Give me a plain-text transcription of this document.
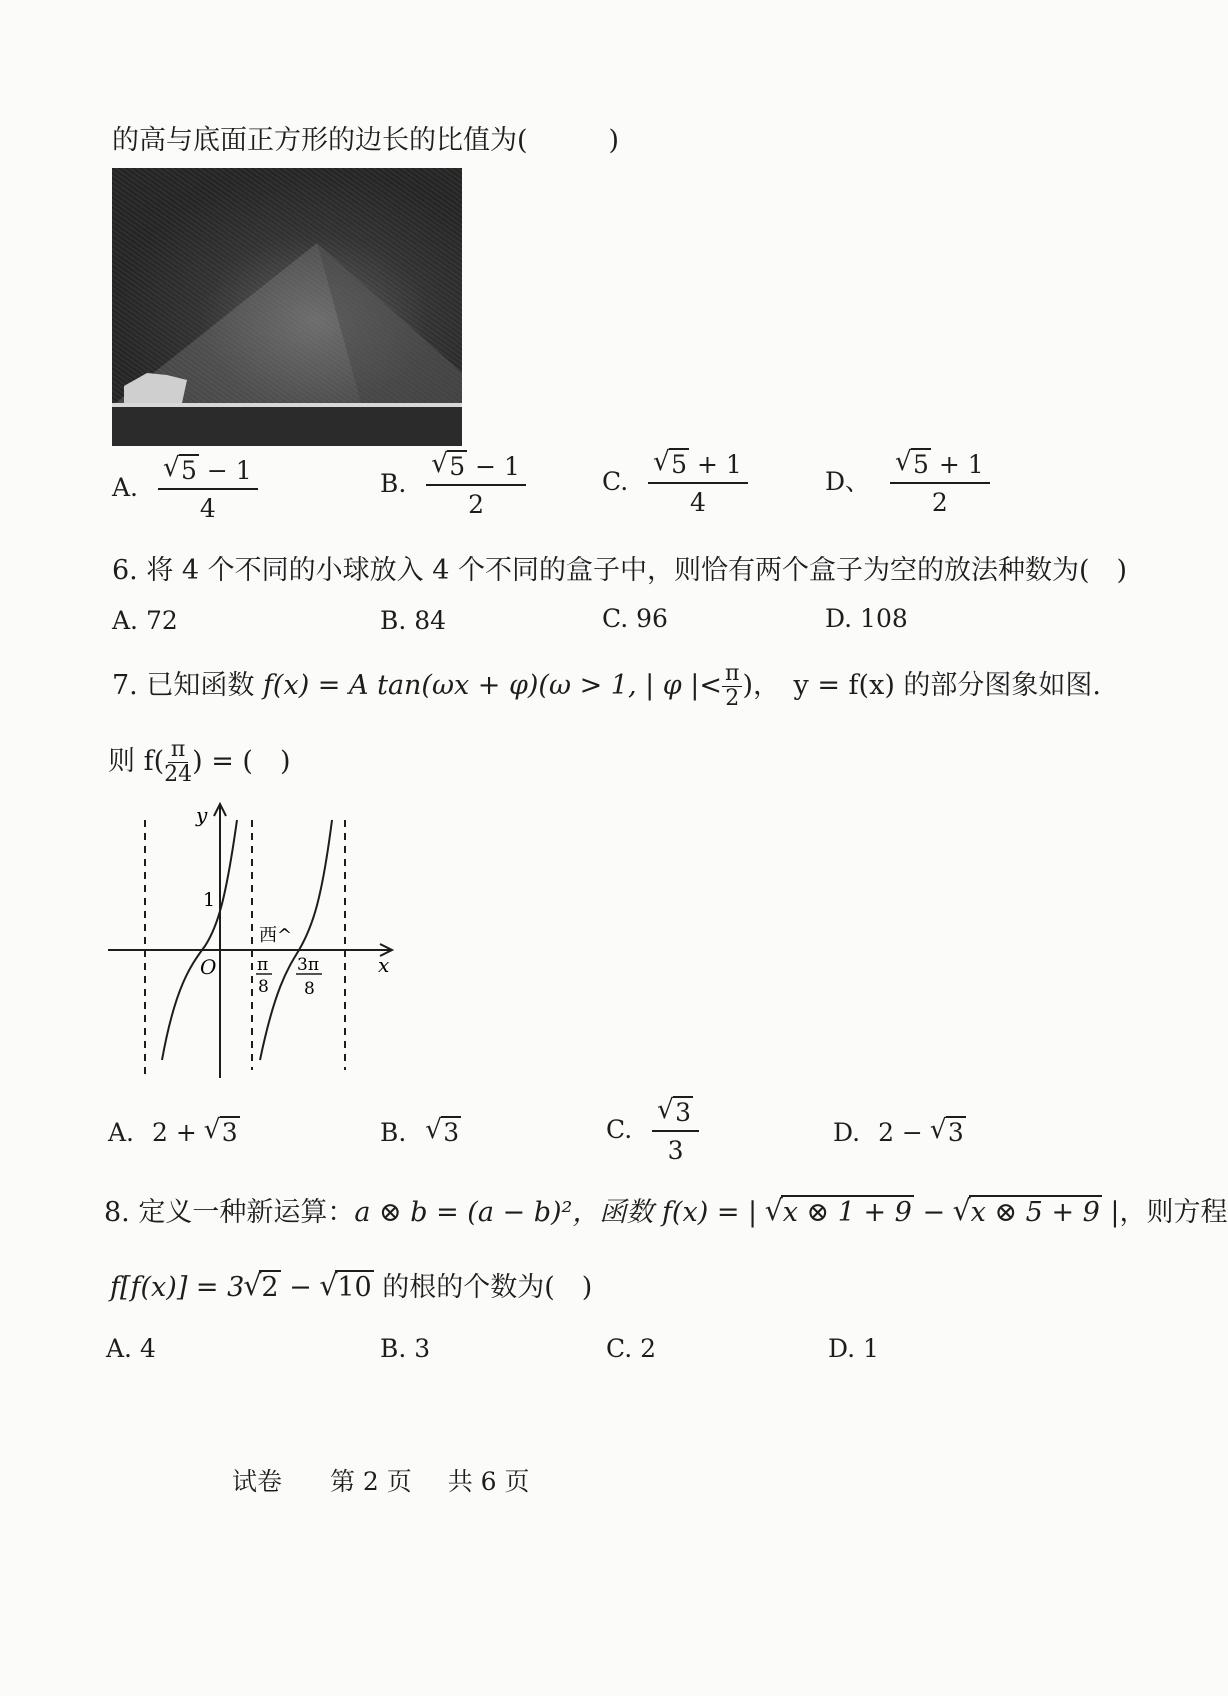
的高与底面正方形的边长的比值为(　　　)
A. √ $\frac{5 - 1}{4}$	B. √ $\frac{5 - 1}{2}$	C. √ $\frac{5 + 1}{4}$	D、 √ $\frac{5 + 1}{2}$
6. 将 4 个不同的小球放入 4 个不同的盒子中，则恰有两个盒子为空的放法种数为(　)
A. 72	B. 84	C. 96	D. 108
7. 已知函数 f(x) = A tan(ωx + φ)(ω > 1, | φ |< $\frac{\pi}{2}$ )，　y = f(x) 的部分图象如图.
则 $f( \frac{\pi}{24}$ ) = (　)
y
x
O
1
西^
π
8
3π
8
A. 2 + √ 3	B. √ 3	C. √ $\frac{3}{3}$	D. 2 − √ 3
8. 定义一种新运算：a ⊗ b = (a − b)²，函数 f(x) = | √ x ⊗ 1 + 9 − √ x ⊗ 5 + 9 |，则方程
f[f(x)] = 3 √ 2 − √ 10 的根的个数为(　)
A. 4	B. 3	C. 2	D. 1
试卷 第 2 页 共 6 页
